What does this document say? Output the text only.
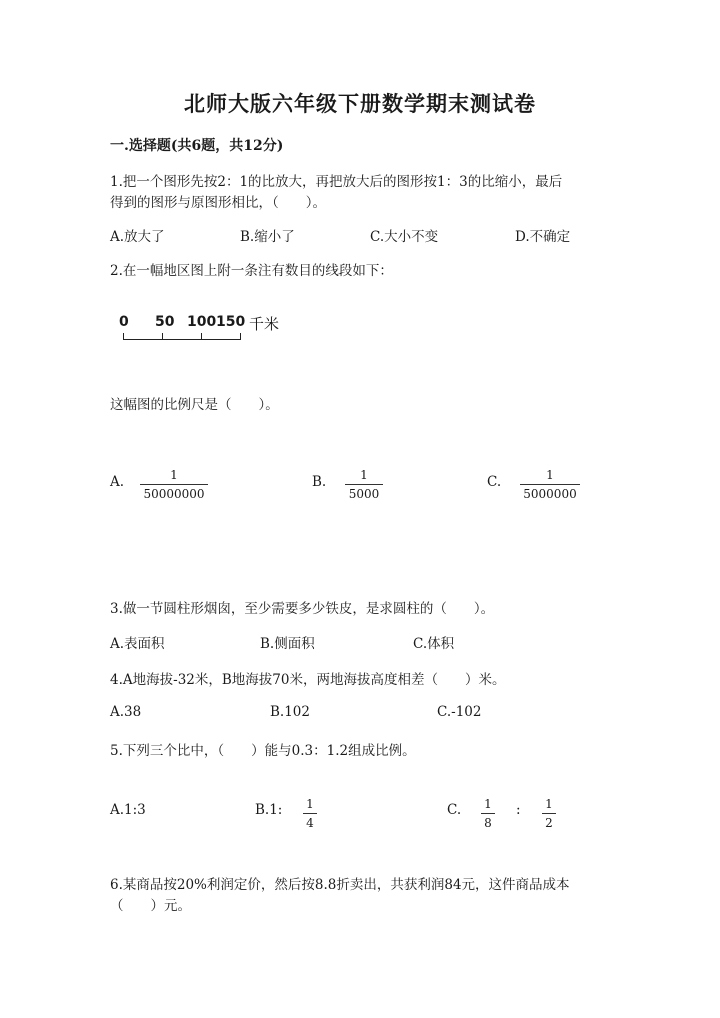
北师大版六年级下册数学期末测试卷
一.选择题(共6题，共12分)
1.把一个图形先按2：1的比放大，再把放大后的图形按1：3的比缩小，最后
得到的图形与原图形相比，（　　）。
A.放大了	B.缩小了	C.大小不变	D.不确定
2.在一幅地区图上附一条注有数目的线段如下：
0 50 100 150 千米
这幅图的比例尺是（　　）。
A. $\frac{1}{50000000}$	B. $\frac{1}{5000}$	C. $\frac{1}{5000000}$
3.做一节圆柱形烟囱，至少需要多少铁皮，是求圆柱的（　　）。
A.表面积	B.侧面积	C.体积
4.A地海拔-32米，B地海拔70米，两地海拔高度相差（　　）米。
A.38	B.102	C.-102
5.下列三个比中，（　　）能与0.3：1.2组成比例。
A.1:3	B.1: $\frac{1}{4}$	C. $\frac{1}{8}$ : $\frac{1}{2}$
6.某商品按20%利润定价，然后按8.8折卖出，共获利润84元，这件商品成本
（　　）元。
